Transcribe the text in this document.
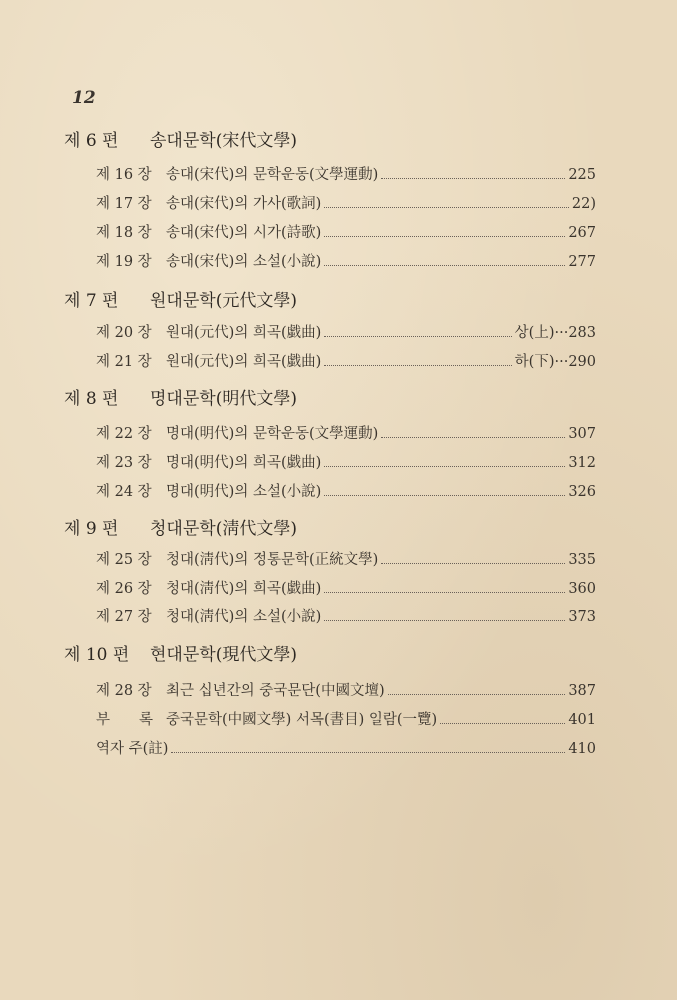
12
제 6 편 송대문학(宋代文學)
제 16 장 송대(宋代)의 문학운동(文學運動)	225
제 17 장 송대(宋代)의 가사(歌詞)	22)
제 18 장 송대(宋代)의 시가(詩歌)	267
제 19 장 송대(宋代)의 소설(小說)	277
제 7 편 원대문학(元代文學)
제 20 장 원대(元代)의 희곡(戱曲)	상(上)···283
제 21 장 원대(元代)의 희곡(戱曲)	하(下)···290
제 8 편 명대문학(明代文學)
제 22 장 명대(明代)의 문학운동(文學運動)	307
제 23 장 명대(明代)의 희곡(戱曲)	312
제 24 장 명대(明代)의 소설(小說)	326
제 9 편 청대문학(淸代文學)
제 25 장 청대(淸代)의 정통문학(正統文學)	335
제 26 장 청대(淸代)의 희곡(戱曲)	360
제 27 장 청대(淸代)의 소설(小說)	373
제 10 편 현대문학(現代文學)
제 28 장 최근 십년간의 중국문단(中國文壇)	387
부　　록 중국문학(中國文學) 서목(書目) 일람(一覽)	401
역자 주(註)	410
